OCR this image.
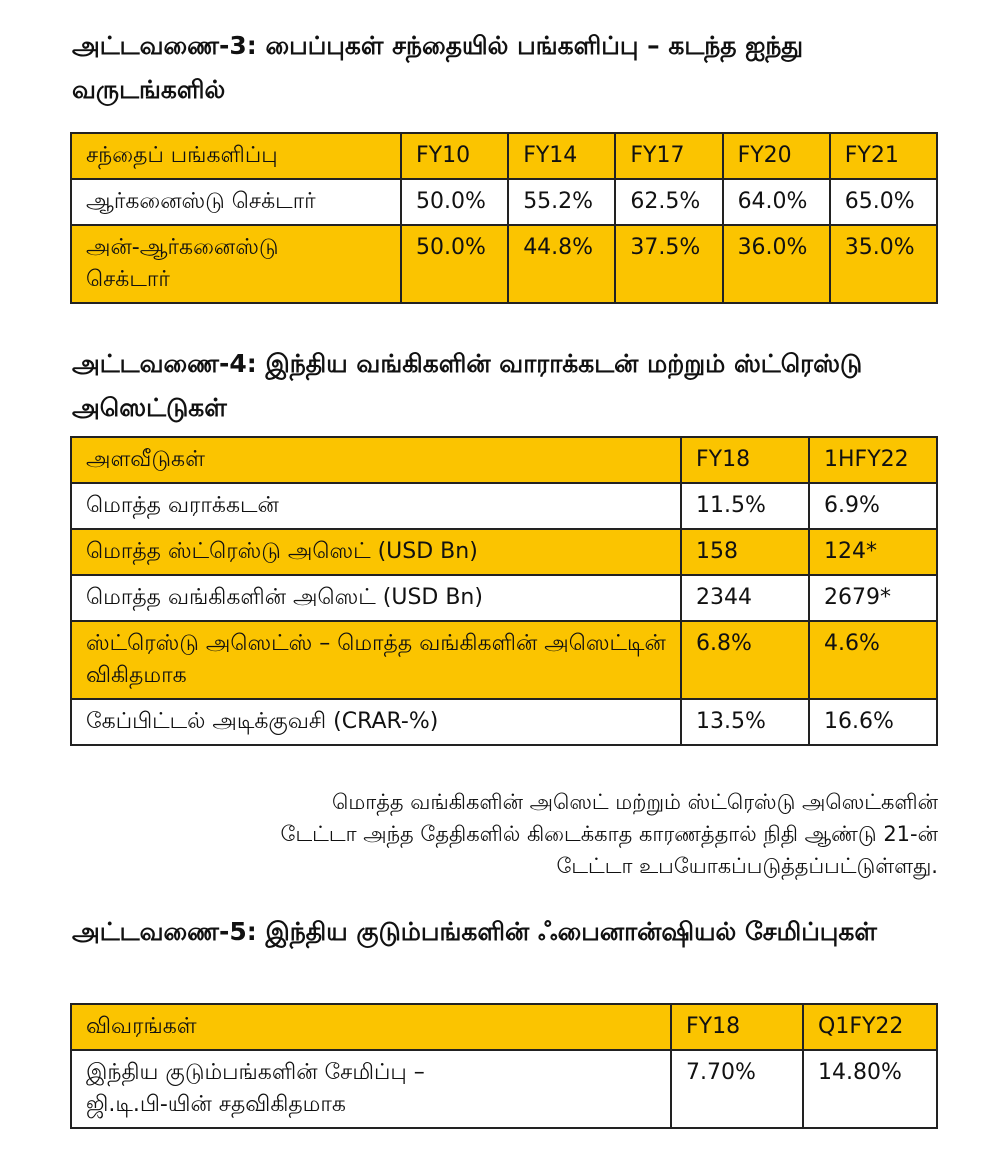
அட்டவணை-3: பைப்புகள் சந்தையில் பங்களிப்பு – கடந்த ஐந்து வருடங்களில்
சந்தைப் பங்களிப்பு	FY10	FY14	FY17	FY20	FY21
ஆர்கனைஸ்டு செக்டார்	50.0%	55.2%	62.5%	64.0%	65.0%
அன்-ஆர்கனைஸ்டு செக்டார்	50.0%	44.8%	37.5%	36.0%	35.0%
அட்டவணை-4: இந்திய வங்கிகளின் வாராக்கடன் மற்றும் ஸ்ட்ரெஸ்டு அஸெட்டுகள்
அளவீடுகள்	FY18	1HFY22
மொத்த வராக்கடன்	11.5%	6.9%
மொத்த ஸ்ட்ரெஸ்டு அஸெட் (USD Bn)	158	124*
மொத்த வங்கிகளின் அஸெட் (USD Bn)	2344	2679*
ஸ்ட்ரெஸ்டு அஸெட்ஸ் – மொத்த வங்கிகளின் அஸெட்டின் விகிதமாக	6.8%	4.6%
கேப்பிட்டல் அடிக்குவசி (CRAR-%)	13.5%	16.6%

மொத்த வங்கிகளின் அஸெட் மற்றும் ஸ்ட்ரெஸ்டு அஸெட்களின்
டேட்டா அந்த தேதிகளில் கிடைக்காத காரணத்தால் நிதி ஆண்டு 21-ன்
டேட்டா உபயோகப்படுத்தப்பட்டுள்ளது.

அட்டவணை-5: இந்திய குடும்பங்களின் ஃபைனான்ஷியல் சேமிப்புகள்
விவரங்கள்	FY18	Q1FY22
இந்திய குடும்பங்களின் சேமிப்பு – ஜி.டி.பி-யின் சதவிகிதமாக	7.70%	14.80%
